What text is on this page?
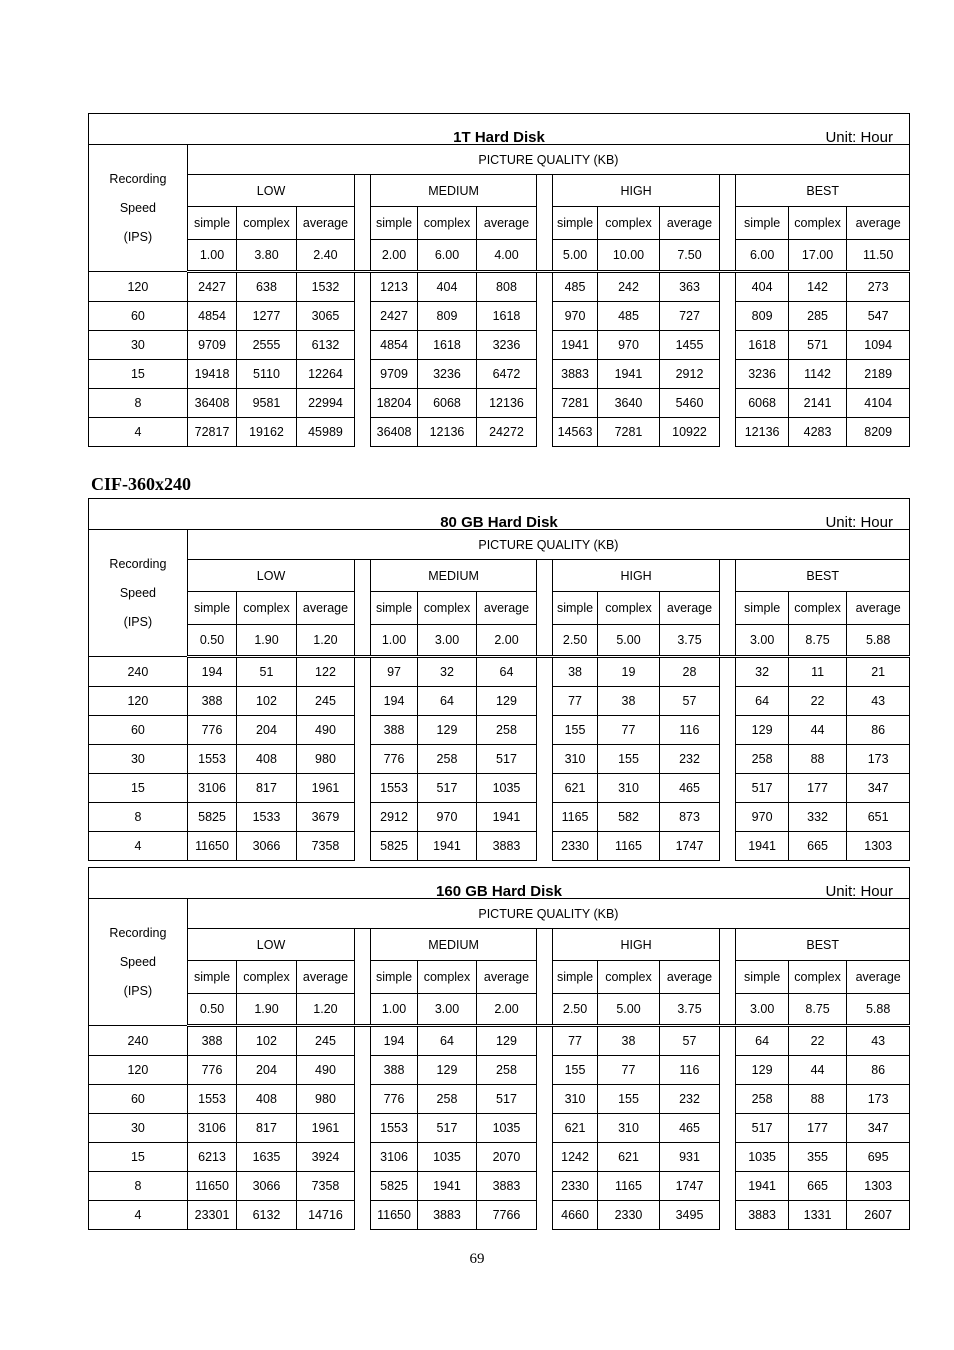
CIF-360x240
69
1T Hard Disk Unit: Hour															

Recording
Speed
(IPS)	PICTURE QUALITY (KB)														
	LOW				MEDIUM				HIGH				BEST		
	simple	complex	average		simple	complex	average		simple	complex	average		simple	complex	average
	1.00	3.80	2.40		2.00	6.00	4.00		5.00	10.00	7.50		6.00	17.00	11.50
120	2427	638	1532		1213	404	808		485	242	363		404	142	273
60	4854	1277	3065		2427	809	1618		970	485	727		809	285	547
30	9709	2555	6132		4854	1618	3236		1941	970	1455		1618	571	1094
15	19418	5110	12264		9709	3236	6472		3883	1941	2912		3236	1142	2189
8	36408	9581	22994		18204	6068	12136		7281	3640	5460		6068	2141	4104
4	72817	19162	45989		36408	12136	24272		14563	7281	10922		12136	4283	8209
80 GB Hard Disk Unit: Hour															

Recording
Speed
(IPS)	PICTURE QUALITY (KB)														
	LOW				MEDIUM				HIGH				BEST		
	simple	complex	average		simple	complex	average		simple	complex	average		simple	complex	average
	0.50	1.90	1.20		1.00	3.00	2.00		2.50	5.00	3.75		3.00	8.75	5.88
240	194	51	122		97	32	64		38	19	28		32	11	21
120	388	102	245		194	64	129		77	38	57		64	22	43
60	776	204	490		388	129	258		155	77	116		129	44	86
30	1553	408	980		776	258	517		310	155	232		258	88	173
15	3106	817	1961		1553	517	1035		621	310	465		517	177	347
8	5825	1533	3679		2912	970	1941		1165	582	873		970	332	651
4	11650	3066	7358		5825	1941	3883		2330	1165	1747		1941	665	1303
160 GB Hard Disk Unit: Hour															

Recording
Speed
(IPS)	PICTURE QUALITY (KB)														
	LOW				MEDIUM				HIGH				BEST		
	simple	complex	average		simple	complex	average		simple	complex	average		simple	complex	average
	0.50	1.90	1.20		1.00	3.00	2.00		2.50	5.00	3.75		3.00	8.75	5.88
240	388	102	245		194	64	129		77	38	57		64	22	43
120	776	204	490		388	129	258		155	77	116		129	44	86
60	1553	408	980		776	258	517		310	155	232		258	88	173
30	3106	817	1961		1553	517	1035		621	310	465		517	177	347
15	6213	1635	3924		3106	1035	2070		1242	621	931		1035	355	695
8	11650	3066	7358		5825	1941	3883		2330	1165	1747		1941	665	1303
4	23301	6132	14716		11650	3883	7766		4660	2330	3495		3883	1331	2607
